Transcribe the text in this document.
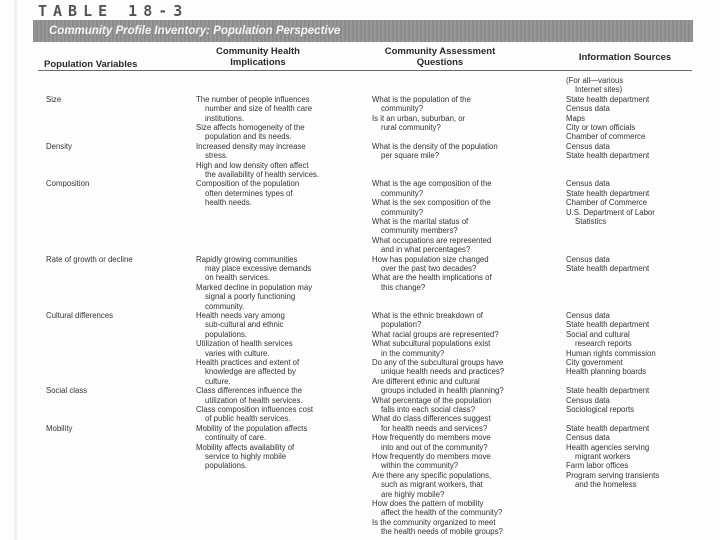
TABLE 18-3
Community Profile Inventory: Population Perspective
Population Variables
Community Health
Implications
Community Assessment
Questions	Information Sources
Size
Density
Composition
Rate of growth or decline
Cultural differences
Social class
Mobility
The number of people influences
number and size of health care
institutions.
Size affects homogeneity of the
population and its needs.
Increased density may increase
stress.
High and low density often affect
the availability of health services.
Composition of the population
often determines types of
health needs.
Rapidly growing communities
may place excessive demands
on health services.
Marked decline in population may
signal a poorly functioning
community.
Health needs vary among
sub-cultural and ethnic
populations.
Utilization of health services
varies with culture.
Health practices and extent of
knowledge are affected by
culture.
Class differences influence the
utilization of health services.
Class composition influences cost
of public health services.
Mobility of the population affects
continuity of care.
Mobility affects availability of
service to highly mobile
populations.
What is the population of the
community?
Is it an urban, suburban, or
rural community?
What is the density of the population
per square mile?
What is the age composition of the
community?
What is the sex composition of the
community?
What is the marital status of
community members?
What occupations are represented
and in what percentages?
How has population size changed
over the past two decades?
What are the health implications of
this change?
What is the ethnic breakdown of
population?
What racial groups are represented?
What subcultural populations exist
in the community?
Do any of the subcultural groups have
unique health needs and practices?
Are different ethnic and cultural
groups included in health planning?
What percentage of the population
falls into each social class?
What do class differences suggest
for health needs and services?
How frequently do members move
into and out of the community?
How frequently do members move
within the community?
Are there any specific populations,
such as migrant workers, that
are highly mobile?
How does the pattern of mobility
affect the health of the community?
Is the community organized to meet
the health needs of mobile groups?
(For all—various
Internet sites)
State health department
Census data
Maps
City or town officials
Chamber of commerce
Census data
State health department
Census data
State health department
Chamber of Commerce
U.S. Department of Labor
Statistics
Census data
State health department
Census data
State health department
Social and cultural
research reports
Human rights commission
City government
Health planning boards
State health department
Census data
Sociological reports
State health department
Census data
Health agencies serving
migrant workers
Farm labor offices
Program serving transients
and the homeless
